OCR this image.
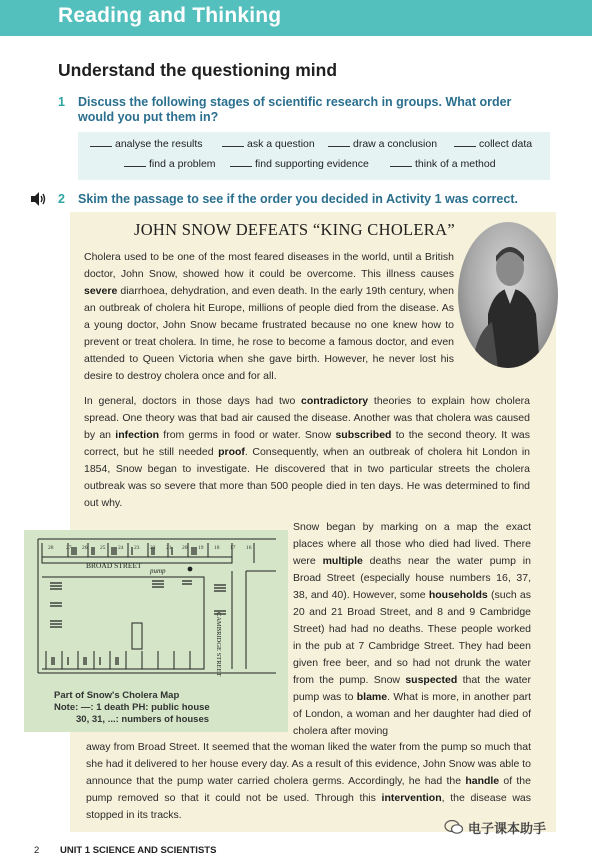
Reading and Thinking
Understand the questioning mind
1 Discuss the following stages of scientific research in groups. What order would you put them in?
analyse the results	ask a question	draw a conclusion	collect data
find a problem	find supporting evidence	think of a method
2 Skim the passage to see if the order you decided in Activity 1 was correct.
JOHN SNOW DEFEATS “KING CHOLERA”
Cholera used to be one of the most feared diseases in the world, until a British doctor, John Snow, showed how it could be overcome. This illness causes severe diarrhoea, dehydration, and even death. In the early 19th century, when an outbreak of cholera hit Europe, millions of people died from the disease. As a young doctor, John Snow became frustrated because no one knew how to prevent or treat cholera. In time, he rose to become a famous doctor, and even attended to Queen Victoria when she gave birth. However, he never lost his desire to destroy cholera once and for all.
In general, doctors in those days had two contradictory theories to explain how cholera spread. One theory was that bad air caused the disease. Another was that cholera was caused by an infection from germs in food or water. Snow subscribed to the second theory. It was correct, but he still needed proof. Consequently, when an outbreak of cholera hit London in 1854, Snow began to investigate. He discovered that in two particular streets the cholera outbreak was so severe that more than 500 people died in ten days. He was determined to find out why.
Snow began by marking on a map the exact places where all those who died had lived. There were multiple deaths near the water pump in Broad Street (especially house numbers 16, 37, 38, and 40). However, some households (such as 20 and 21 Broad Street, and 8 and 9 Cambridge Street) had had no deaths. These people worked in the pub at 7 Cambridge Street. They had been given free beer, and so had not drunk the water from the pump. Snow suspected that the water pump was to blame. What is more, in another part of London, a woman and her daughter had died of cholera after moving
away from Broad Street. It seemed that the woman liked the water from the pump so much that she had it delivered to her house every day. As a result of this evidence, John Snow was able to announce that the pump water carried cholera germs. Accordingly, he had the handle of the pump removed so that it could not be used. Through this intervention, the disease was stopped in its tracks.
BROAD STREET
pump
CAMBRIDGE STREET
28 27 26 25 24 23 22 21 20 19 18 17 16
Part of Snow's Cholera Map
Note: —: 1 death PH: public house
30, 31, ...: numbers of houses
电子课本助手
2 UNIT 1 SCIENCE AND SCIENTISTS
